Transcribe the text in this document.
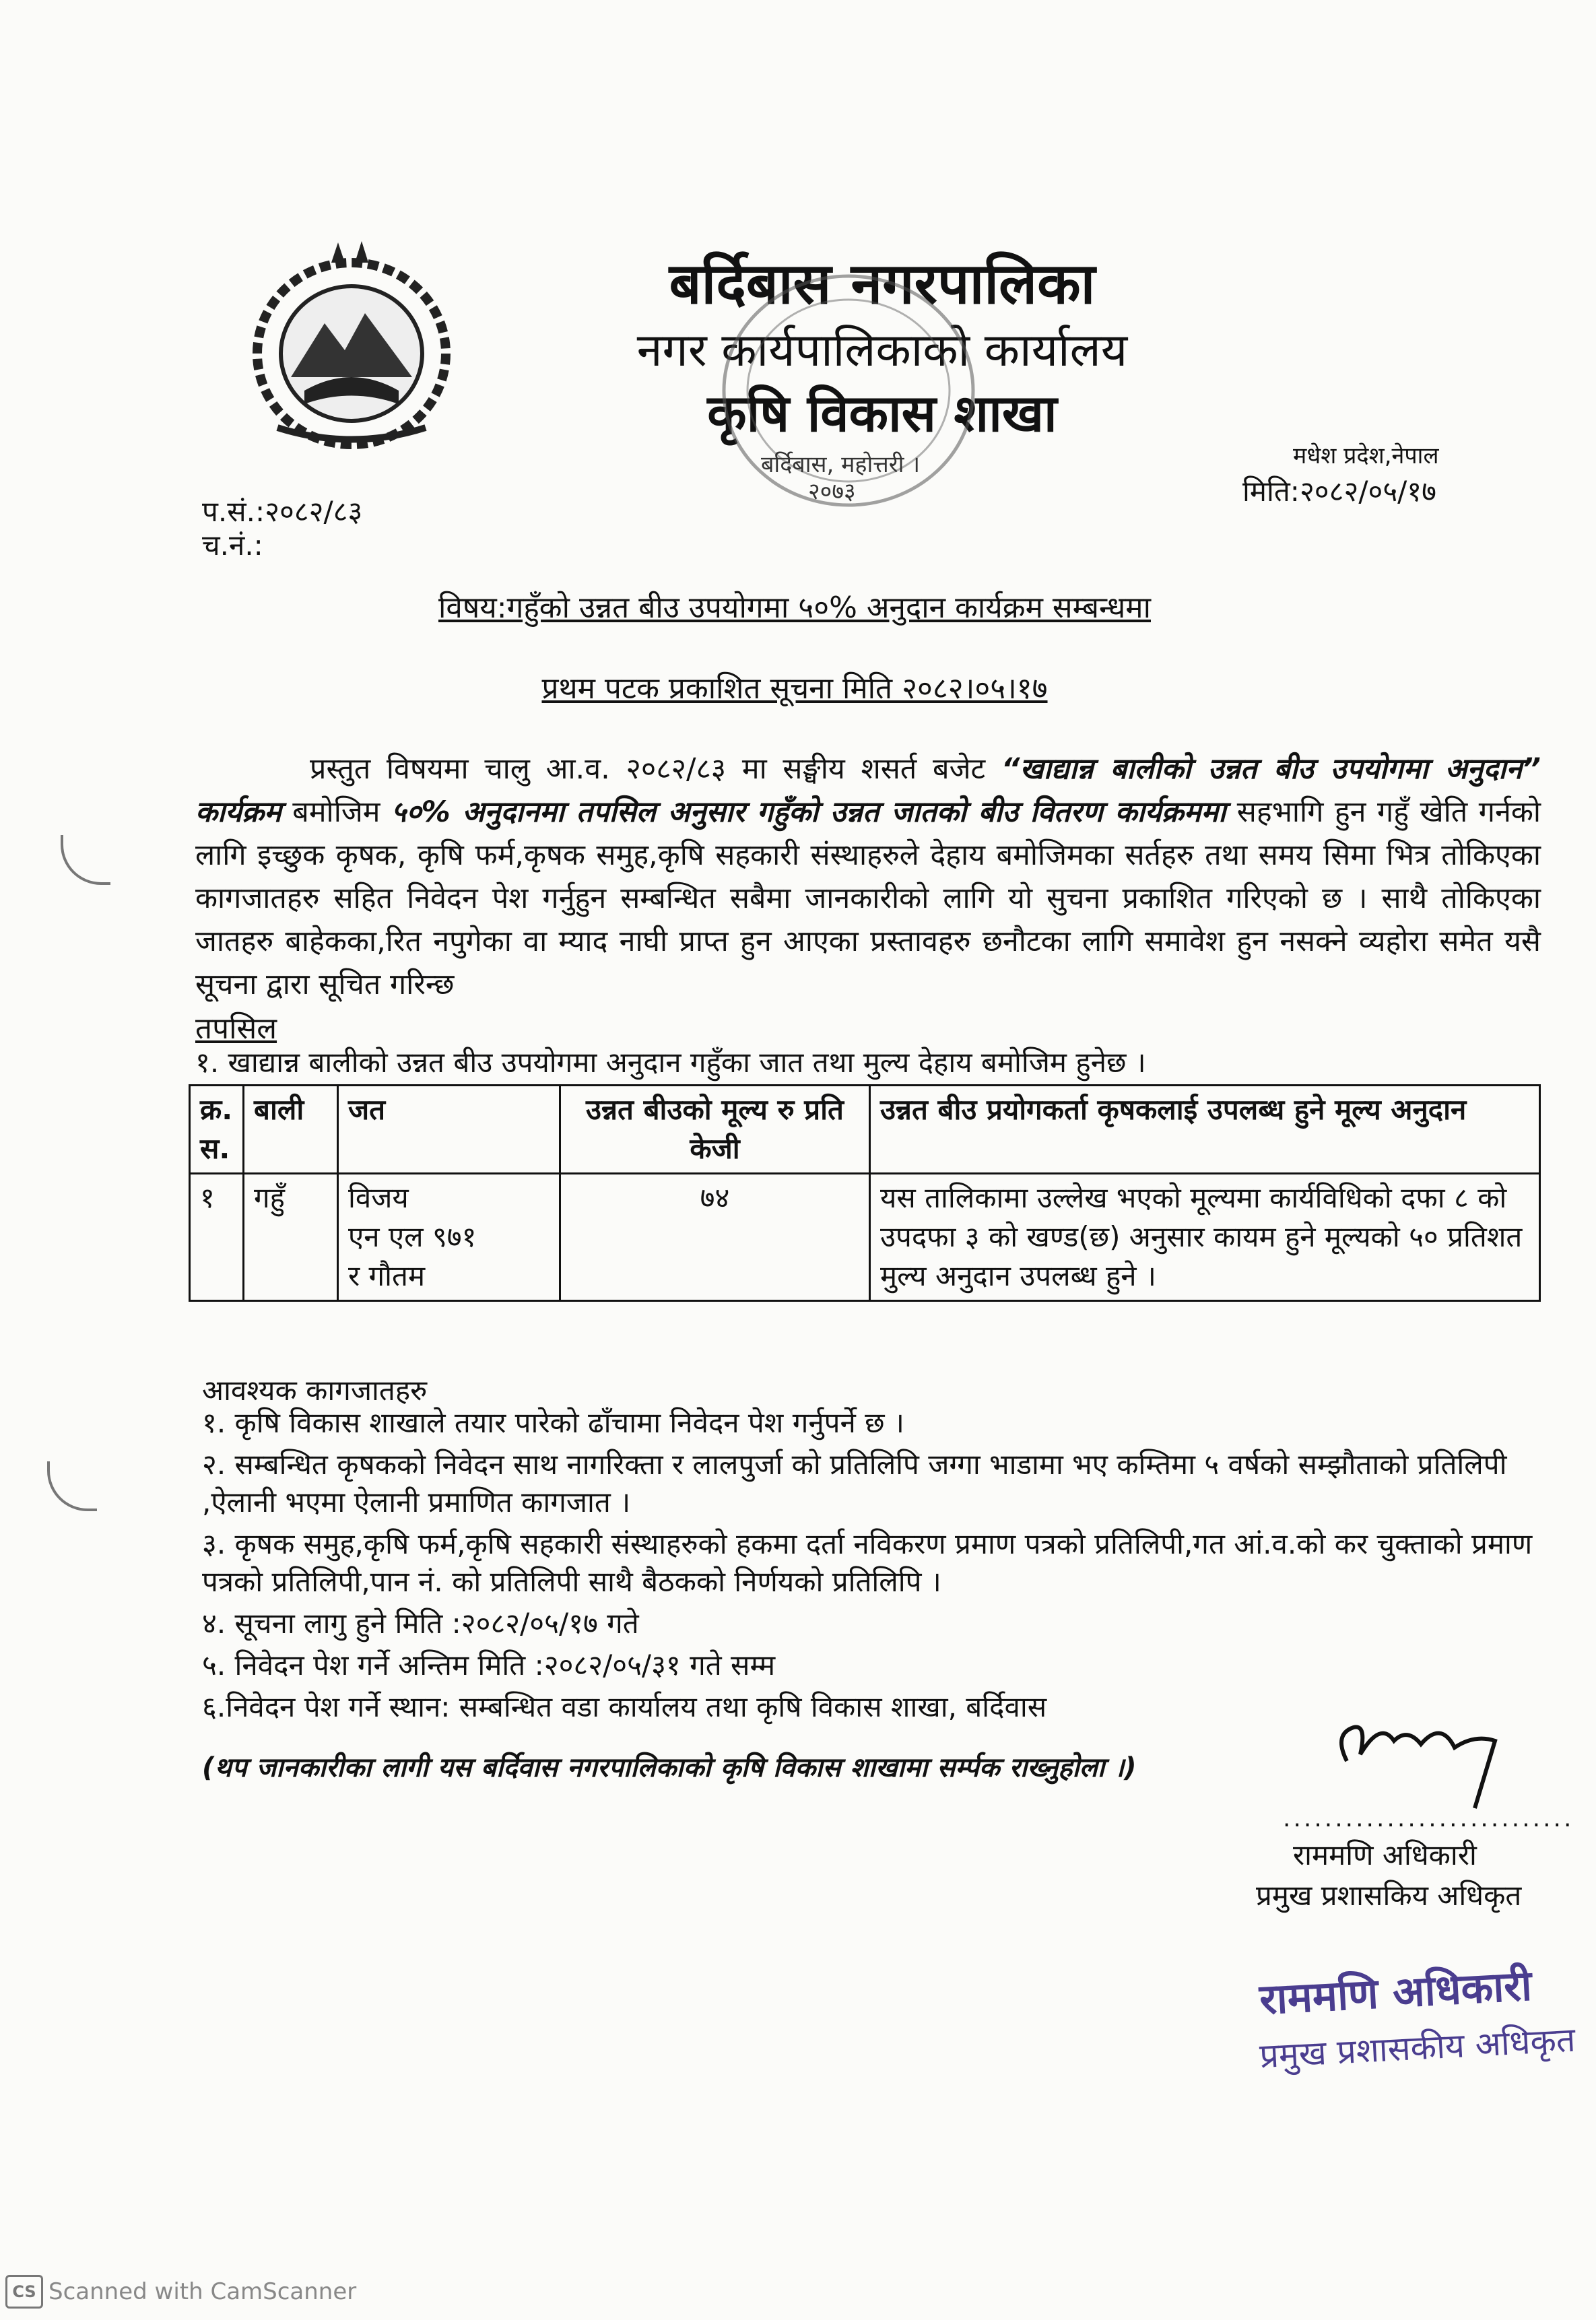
बर्दिबास नगरपालिका
नगर कार्यपालिकाको कार्यालय
कृषि विकास शाखा
बर्दिबास, महोत्तरी ।
२०७३
मधेश प्रदेश,नेपाल
मिति:२०८२/०५/१७
प.सं.:२०८२/८३
च.नं.:
विषय:गहुँको उन्नत बीउ उपयोगमा ५०% अनुदान कार्यक्रम सम्बन्धमा
प्रथम पटक प्रकाशित सूचना मिति २०८२।०५।१७
प्रस्तुत विषयमा चालु आ.व. २०८२/८३ मा सङ्घीय शसर्त बजेट “खाद्यान्न बालीको उन्नत बीउ उपयोगमा अनुदान” कार्यक्रम बमोजिम ५०% अनुदानमा तपसिल अनुसार गहुँको उन्नत जातको बीउ वितरण कार्यक्रममा सहभागि हुन गहुँ खेति गर्नको लागि इच्छुक कृषक, कृषि फर्म,कृषक समुह,कृषि सहकारी संस्थाहरुले देहाय बमोजिमका सर्तहरु तथा समय सिमा भित्र तोकिएका कागजातहरु सहित निवेदन पेश गर्नुहुन सम्बन्धित सबैमा जानकारीको लागि यो सुचना प्रकाशित गरिएको छ । साथै तोकिएका जातहरु बाहेकका,रित नपुगेका वा म्याद नाघी प्राप्त हुन आएका प्रस्तावहरु छनौटका लागि समावेश हुन नसक्ने व्यहोरा समेत यसै सूचना द्वारा सूचित गरिन्छ
तपसिल
१. खाद्यान्न बालीको उन्नत बीउ उपयोगमा अनुदान गहुँका जात तथा मुल्य देहाय बमोजिम हुनेछ ।
क्र. स.	बाली	जत	उन्नत बीउको मूल्य रु प्रति केजी	उन्नत बीउ प्रयोगकर्ता कृषकलाई उपलब्ध हुने मूल्य अनुदान
१	गहुँ	विजय
एन एल ९७१
र गौतम	७४	यस तालिकामा उल्लेख भएको मूल्यमा कार्यविधिको दफा ८ को उपदफा ३ को खण्ड(छ) अनुसार कायम हुने मूल्यको ५० प्रतिशत मुल्य अनुदान उपलब्ध हुने ।
आवश्यक कागजातहरु
१. कृषि विकास शाखाले तयार पारेको ढाँचामा निवेदन पेश गर्नुपर्ने छ ।
२. सम्बन्धित कृषकको निवेदन साथ नागरिक्ता र लालपुर्जा को प्रतिलिपि जग्गा भाडामा भए कम्तिमा ५ वर्षको सम्झौताको प्रतिलिपी ,ऐलानी भएमा ऐलानी प्रमाणित कागजात ।
३. कृषक समुह,कृषि फर्म,कृषि सहकारी संस्थाहरुको हकमा दर्ता नविकरण प्रमाण पत्रको प्रतिलिपी,गत आं.व.को कर चुक्ताको प्रमाण पत्रको प्रतिलिपी,पान नं. को प्रतिलिपी साथै बैठकको निर्णयको प्रतिलिपि ।
४. सूचना लागु हुने मिति :२०८२/०५/१७ गते
५. निवेदन पेश गर्ने अन्तिम मिति :२०८२/०५/३१ गते सम्म
६.निवेदन पेश गर्ने स्थान: सम्बन्धित वडा कार्यालय तथा कृषि विकास शाखा, बर्दिवास
(थप जानकारीका लागी यस बर्दिवास नगरपालिकाको कृषि विकास शाखामा सर्म्पक राख्नुहोला ।)
............................
राममणि अधिकारी
प्रमुख प्रशासकिय अधिकृत
राममणि अधिकारी
प्रमुख प्रशासकीय अधिकृत
CS Scanned with CamScanner
